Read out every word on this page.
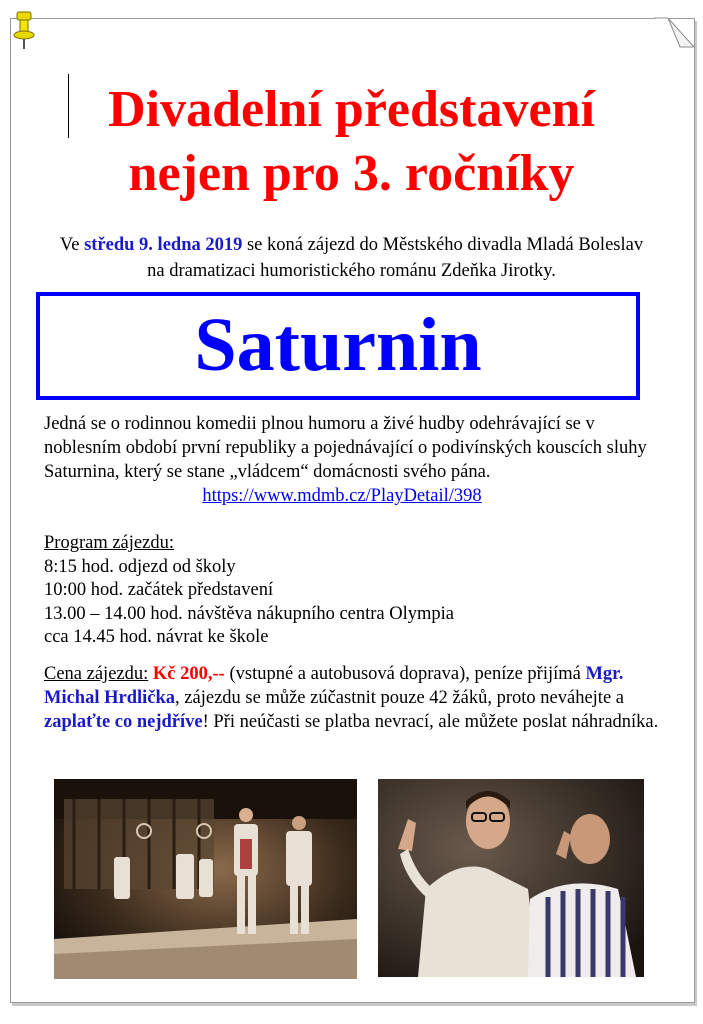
Divadelní představení
nejen pro 3. ročníky
Ve středu 9. ledna 2019 se koná zájezd do Městského divadla Mladá Boleslav na dramatizaci humoristického románu Zdeňka Jirotky.
Saturnin
Jedná se o rodinnou komedii plnou humoru a živé hudby odehrávající se v noblesním období první republiky a pojednávající o podivínských kouscích sluhy Saturnina, který se stane „vládcem“ domácnosti svého pána.
https://www.mdmb.cz/PlayDetail/398
Program zájezdu:
8:15 hod. odjezd od školy
10:00 hod. začátek představení
13.00 – 14.00 hod. návštěva nákupního centra Olympia
cca 14.45 hod. návrat ke škole
Cena zájezdu: Kč 200,-- (vstupné a autobusová doprava), peníze přijímá Mgr. Michal Hrdlička, zájezdu se může zúčastnit pouze 42 žáků, proto neváhejte a zaplaťte co nejdříve! Při neúčasti se platba nevrací, ale můžete poslat náhradníka.
